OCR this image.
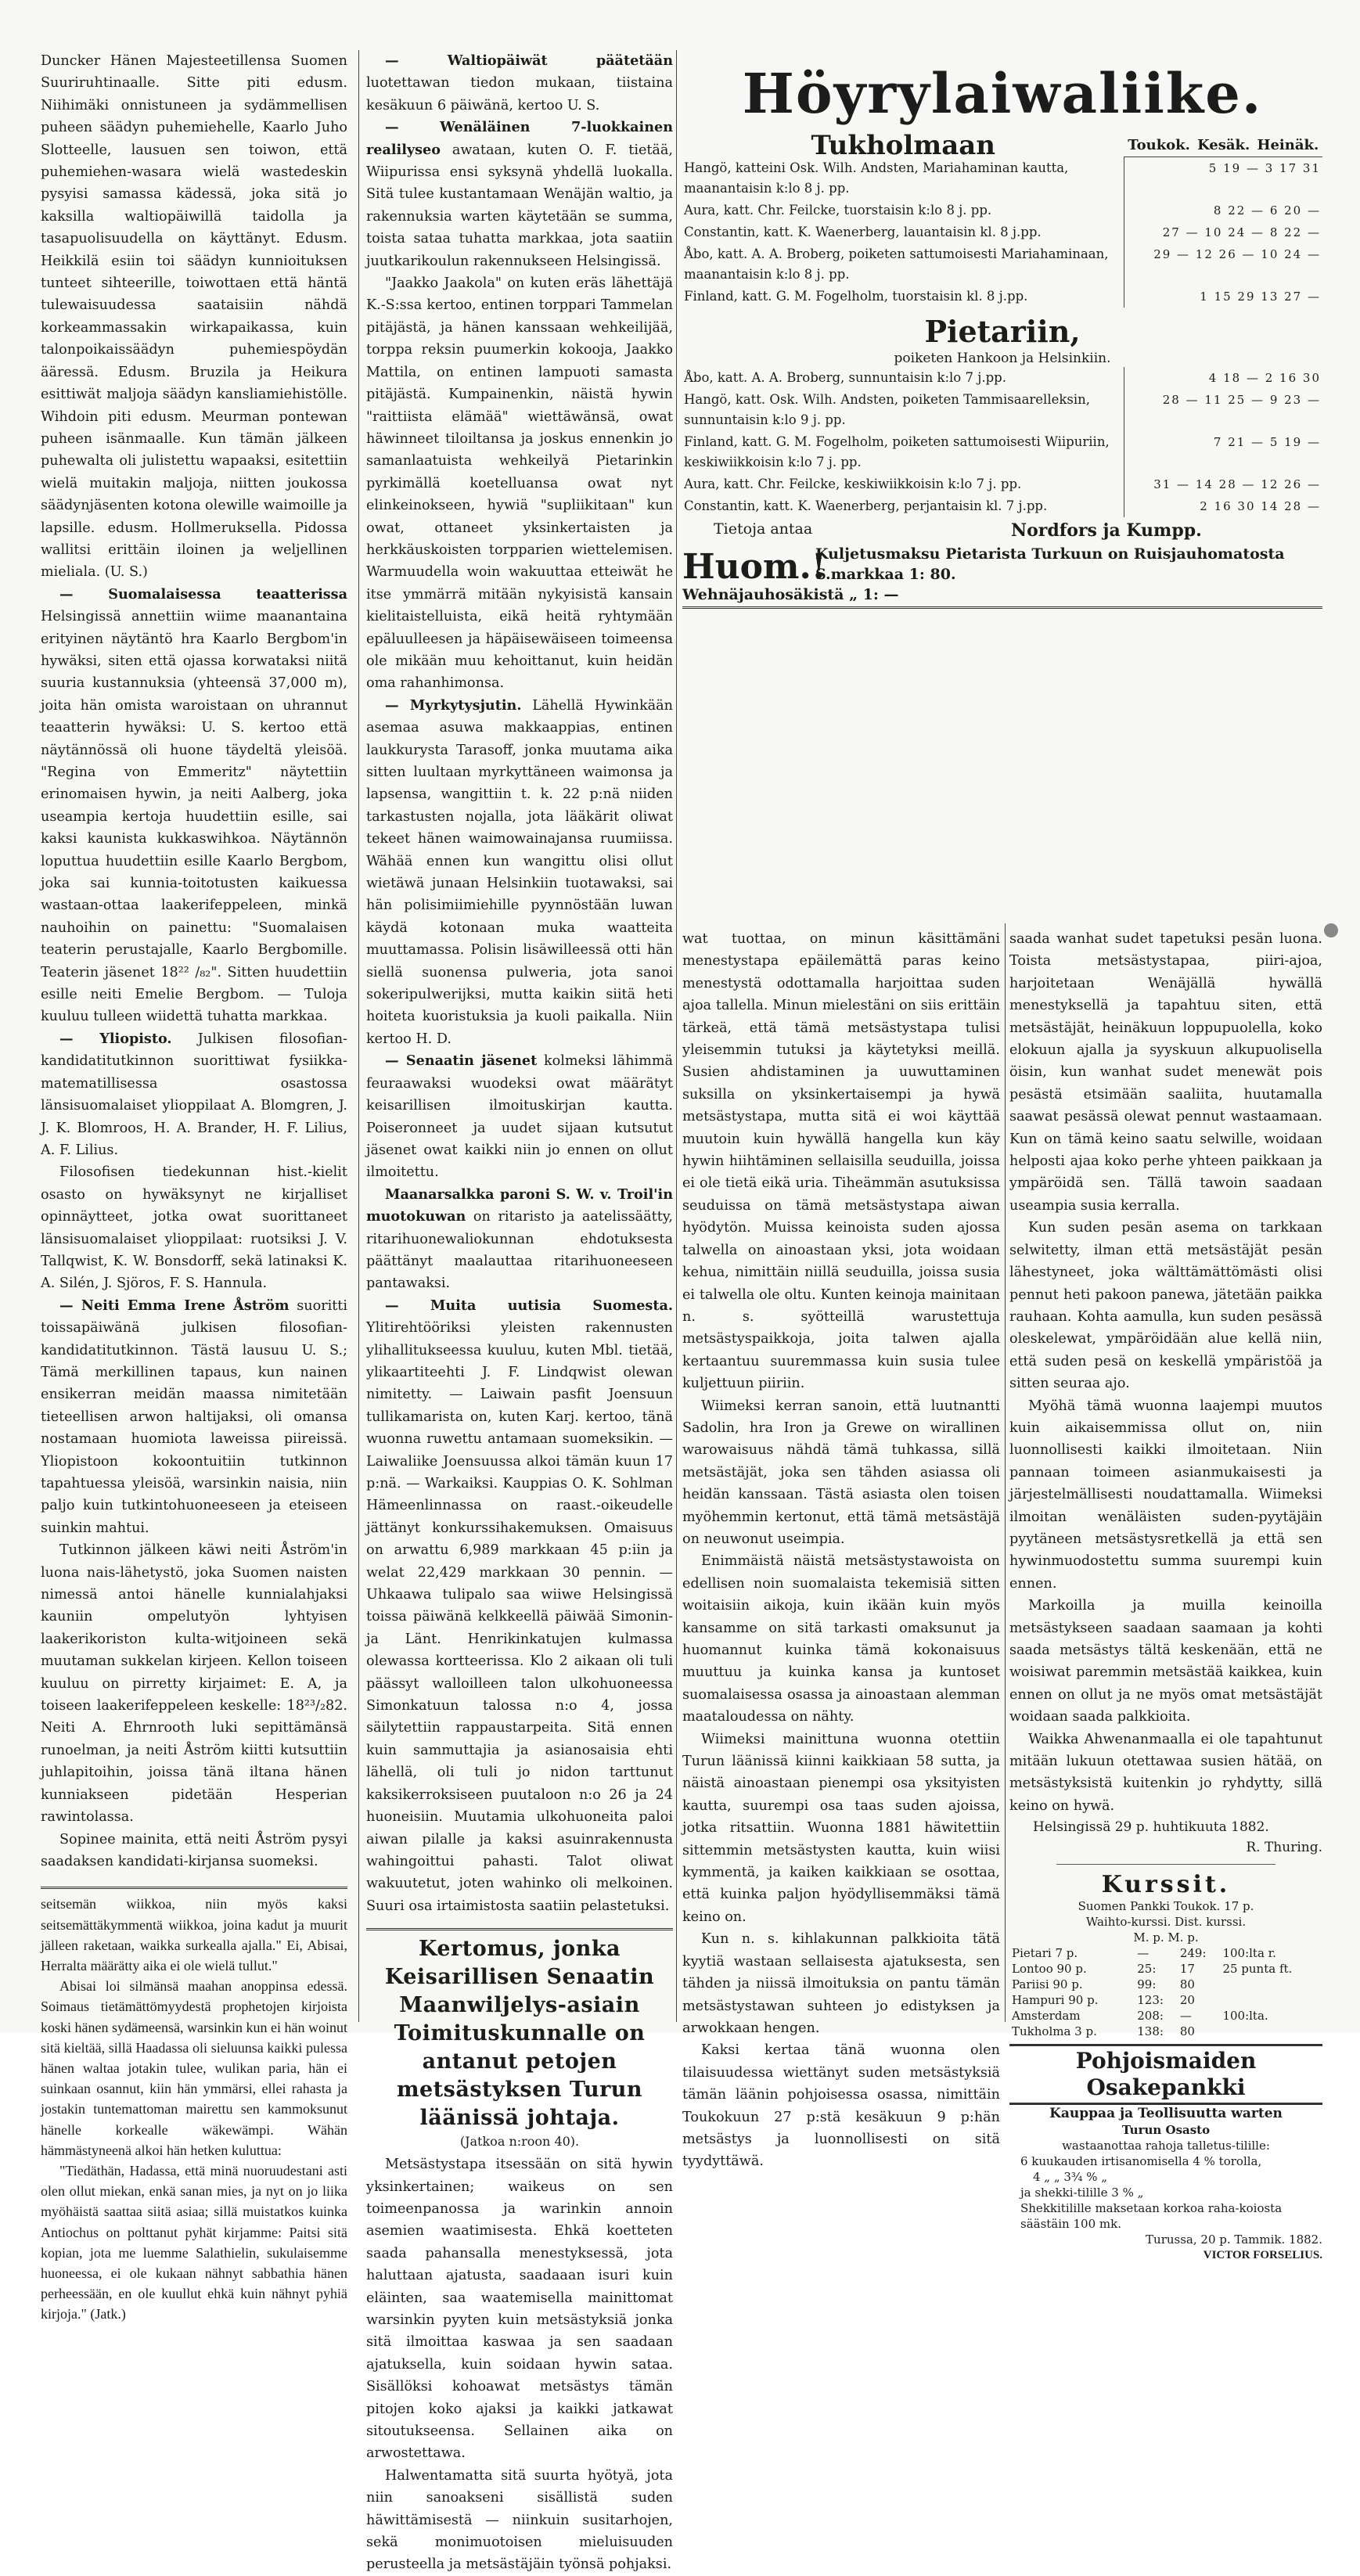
Duncker Hänen Majesteetillensa Suomen Suuriruhtinaalle. Sitte piti edusm. Niihimäki onnistuneen ja sydämmellisen puheen säädyn puhemiehelle, Kaarlo Juho Slotteelle, lausuen sen toiwon, että puhemiehen-wasara wielä wastedeskin pysyisi samassa kädessä, joka sitä jo kaksilla waltiopäiwillä taidolla ja tasapuolisuudella on käyttänyt. Edusm. Heikkilä esiin toi säädyn kunnioituksen tunteet sihteerille, toiwottaen että häntä tulewaisuudessa saataisiin nähdä korkeammassakin wirkapaikassa, kuin talonpoikaissäädyn puhemiespöydän ääressä. Edusm. Bruzila ja Heikura esittiwät maljoja säädyn kansliamiehistölle. Wihdoin piti edusm. Meurman pontewan puheen isänmaalle. Kun tämän jälkeen puhewalta oli julistettu wapaaksi, esitettiin wielä muitakin maljoja, niitten joukossa säädynjäsenten kotona olewille waimoille ja lapsille. edusm. Hollmeruksella. Pidossa wallitsi erittäin iloinen ja weljellinen mieliala. (U. S.)

— Suomalaisessa teaatterissa Helsingissä annettiin wiime maanantaina erityinen näytäntö hra Kaarlo Bergbom'in hywäksi, siten että ojassa korwataksi niitä suuria kustannuksia (yhteensä 37,000 m), joita hän omista waroistaan on uhrannut teaatterin hywäksi: U. S. kertoo että näytännössä oli huone täydeltä yleisöä. "Regina von Emmeritz" näytettiin erinomaisen hywin, ja neiti Aalberg, joka useampia kertoja huudettiin esille, sai kaksi kaunista kukkaswihkoa. Näytännön loputtua huudettiin esille Kaarlo Bergbom, joka sai kunnia-toitotusten kaikuessa wastaan-ottaa laakerifeppeleen, minkä nauhoihin on painettu: "Suomalaisen teaterin perustajalle, Kaarlo Bergbomille. Teaterin jäsenet 18²² /₈₂". Sitten huudettiin esille neiti Emelie Bergbom. — Tuloja kuuluu tulleen wiidettä tuhatta markkaa.

— Yliopisto. Julkisen filosofian-kandidatitutkinnon suorittiwat fysiikka-matematillisessa osastossa länsisuomalaiset ylioppilaat A. Blomgren, J. J. K. Blomroos, H. A. Brander, H. F. Lilius, A. F. Lilius.

Filosofisen tiedekunnan hist.-kielit osasto on hywäksynyt ne kirjalliset opinnäytteet, jotka owat suorittaneet länsisuomalaiset ylioppilaat: ruotsiksi J. V. Tallqwist, K. W. Bonsdorff, sekä latinaksi K. A. Silén, J. Sjöros, F. S. Hannula.

— Neiti Emma Irene Åström suoritti toissapäiwänä julkisen filosofian-kandidatitutkinnon. Tästä lausuu U. S.; Tämä merkillinen tapaus, kun nainen ensikerran meidän maassa nimitetään tieteellisen arwon haltijaksi, oli omansa nostamaan huomiota laweissa piireissä. Yliopistoon kokoontuitiin tutkinnon tapahtuessa yleisöä, warsinkin naisia, niin paljo kuin tutkintohuoneeseen ja eteiseen suinkin mahtui.

Tutkinnon jälkeen käwi neiti Åström'in luona nais-lähetystö, joka Suomen naisten nimessä antoi hänelle kunnialahjaksi kauniin ompelutyön lyhtyisen laakerikoriston kulta-witjoineen sekä muutaman sukkelan kirjeen. Kellon toiseen kuuluu on pirretty kirjaimet: E. A, ja toiseen laakerifeppeleen keskelle: 18²³/₂82. Neiti A. Ehrnrooth luki sepittämänsä runoelman, ja neiti Åström kiitti kutsuttiin juhlapitoihin, joissa tänä iltana hänen kunniakseen pidetään Hesperian rawintolassa.

Sopinee mainita, että neiti Åström pysyi saadaksen kandidati-kirjansa suomeksi.

seitsemän wiikkoa, niin myös kaksi seitsemättäkymmentä wiikkoa, joina kadut ja muurit jälleen raketaan, waikka surkealla ajalla." Ei, Abisai, Herralta määrätty aika ei ole wielä tullut."

Abisai loi silmänsä maahan anoppinsa edessä. Soimaus tietämättömyydestä prophetojen kirjoista koski hänen sydämeensä, warsinkin kun ei hän woinut sitä kieltää, sillä Haadassa oli sieluunsa kaikki pulessa hänen waltaa jotakin tulee, wulikan paria, hän ei suinkaan osannut, kiin hän ymmärsi, ellei rahasta ja jostakin tuntemattoman mairettu sen kammoksunut hänelle korkealle wäkewämpi. Wähän hämmästyneenä alkoi hän hetken kuluttua:

"Tiedäthän, Hadassa, että minä nuoruudestani asti olen ollut miekan, enkä sanan mies, ja nyt on jo liika myöhäistä saattaa siitä asiaa; sillä muistatkos kuinka Antiochus on polttanut pyhät kirjamme: Paitsi sitä kopian, jota me luemme Salathielin, sukulaisemme huoneessa, ei ole kukaan nähnyt sabbathia hänen perheessään, en ole kuullut ehkä kuin nähnyt pyhiä kirjoja." (Jatk.)

— Waltiopäiwät päätetään luotettawan tiedon mukaan, tiistaina kesäkuun 6 päiwänä, kertoo U. S.

— Wenäläinen 7-luokkainen realilyseo awataan, kuten O. F. tietää, Wiipurissa ensi syksynä yhdellä luokalla. Sitä tulee kustantamaan Wenäjän waltio, ja rakennuksia warten käytetään se summa, toista sataa tuhatta markkaa, jota saatiin juutkarikoulun rakennukseen Helsingissä.

"Jaakko Jaakola" on kuten eräs lähettäjä K.-S:ssa kertoo, entinen torppari Tammelan pitäjästä, ja hänen kanssaan wehkeilijää, torppa reksin puumerkin kokooja, Jaakko Mattila, on entinen lampuoti samasta pitäjästä. Kumpainenkin, näistä hywin "raittiista elämää" wiettäwänsä, owat häwinneet tiloiltansa ja joskus ennenkin jo samanlaatuista wehkeilyä Pietarinkin pyrkimällä koetelluansa owat nyt elinkeinokseen, hywiä "supliikitaan" kun owat, ottaneet yksinkertaisten ja herkkäuskoisten torpparien wiettelemisen. Warmuudella woin wakuuttaa etteiwät he itse ymmärrä mitään nykyisistä kansain kielitaistelluista, eikä heitä ryhtymään epäluulleesen ja häpäisewäiseen toimeensa ole mikään muu kehoittanut, kuin heidän oma rahanhimonsa.

— Myrkytysjutin. Lähellä Hywinkään asemaa asuwa makkaappias, entinen laukkurysta Tarasoff, jonka muutama aika sitten luultaan myrkyttäneen waimonsa ja lapsensa, wangittiin t. k. 22 p:nä niiden tarkastusten nojalla, jota lääkärit oliwat tekeet hänen waimowainajansa ruumiissa. Wähää ennen kun wangittu olisi ollut wietäwä junaan Helsinkiin tuotawaksi, sai hän polisimiimiehille pyynnöstään luwan käydä kotonaan muka waatteita muuttamassa. Polisin lisäwilleessä otti hän siellä suonensa pulweria, jota sanoi sokeripulwerijksi, mutta kaikin siitä heti hoiteta kuoristuksia ja kuoli paikalla. Niin kertoo H. D.

— Senaatin jäsenet kolmeksi lähimmä feuraawaksi wuodeksi owat määrätyt keisarillisen ilmoituskirjan kautta. Poiseronneet ja uudet sijaan kutsutut jäsenet owat kaikki niin jo ennen on ollut ilmoitettu.

Maanarsalkka paroni S. W. v. Troil'in muotokuwan on ritaristo ja aatelissäätty, ritarihuonewaliokunnan ehdotuksesta päättänyt maalauttaa ritarihuoneeseen pantawaksi.

— Muita uutisia Suomesta. Ylitirehtööriksi yleisten rakennusten ylihallitukseessa kuuluu, kuten Mbl. tietää, ylikaartiteehti J. F. Lindqwist olewan nimitetty. — Laiwain pasfit Joensuun tullikamarista on, kuten Karj. kertoo, tänä wuonna ruwettu antamaan suomeksikin. — Laiwaliike Joensuussa alkoi tämän kuun 17 p:nä. — Warkaiksi. Kauppias O. K. Sohlman Hämeenlinnassa on raast.-oikeudelle jättänyt konkurssihakemuksen. Omaisuus on arwattu 6,989 markkaan 45 p:iin ja welat 22,429 markkaan 30 pennin. — Uhkaawa tulipalo saa wiiwe Helsingissä toissa päiwänä kelkkeellä päiwää Simonin- ja Länt. Henrikinkatujen kulmassa olewassa kortteerissa. Klo 2 aikaan oli tuli päässyt walloilleen talon ulkohuoneessa Simonkatuun talossa n:o 4, jossa säilytettiin rappaustarpeita. Sitä ennen kuin sammuttajia ja asianosaisia ehti lähellä, oli tuli jo nidon tarttunut kaksikerroksiseen puutaloon n:o 26 ja 24 huoneisiin. Muutamia ulkohuoneita paloi aiwan pilalle ja kaksi asuinrakennusta wahingoittui pahasti. Talot oliwat wakuutetut, joten wahinko oli melkoinen. Suuri osa irtaimistosta saatiin pelastetuksi.

Kertomus, jonka Keisarillisen Senaatin Maanwiljelys-asiain Toimituskunnalle on antanut petojen metsästyksen Turun läänissä johtaja.
(Jatkoa n:roon 40).

Metsästystapa itsessään on sitä hywin yksinkertainen; waikeus on sen toimeenpanossa ja warinkin annoin asemien waatimisesta. Ehkä koetteten saada pahansalla menestyksessä, jota haluttaan ajatusta, saadaaan isuri kuin eläinten, saa waatemisella mainittomat warsinkin pyyten kuin metsästyksiä jonka sitä ilmoittaa kaswaa ja sen saadaan ajatuksella, kuin soidaan hywin sataa. Sisällöksi kohoawat metsästys tämän pitojen koko ajaksi ja kaikki jatkawat sitoutukseensa. Sellainen aika on arwostettawa.

Halwentamatta sitä suurta hyötyä, jota niin sanoakseni sisällistä suden häwittämisestä — niinkuin susitarhojen, sekä monimuotoisen mieluisuuden perusteella ja metsästäjäin työnsä pohjaksi.

Höyrylaiwaliike.
Tukholmaan	Toukok.	Kesäk.	Heinäk.
Hangö, katteini Osk. Wilh. Andsten, Mariahaminan kautta, maanantaisin k:lo 8 j. pp.	5 19 — 3 17 31		
Aura, katt. Chr. Feilcke, tuorstaisin k:lo 8 j. pp.	8 22 — 6 20 —		
Constantin, katt. K. Waenerberg, lauantaisin kl. 8 j.pp.	27 — 10 24 — 8 22 —		
Åbo, katt. A. A. Broberg, poiketen sattumoisesti Mariahaminaan, maanantaisin k:lo 8 j. pp.	29 — 12 26 — 10 24 —		
Finland, katt. G. M. Fogelholm, tuorstaisin kl. 8 j.pp.	1 15 29 13 27 —		
Pietariin,
poiketen Hankoon ja Helsinkiin.
Åbo, katt. A. A. Broberg, sunnuntaisin k:lo 7 j.pp.	4 18 — 2 16 30
Hangö, katt. Osk. Wilh. Andsten, poiketen Tammisaarelleksin, sunnuntaisin k:lo 9 j. pp.	28 — 11 25 — 9 23 —
Finland, katt. G. M. Fogelholm, poiketen sattumoisesti Wiipuriin, keskiwiikkoisin k:lo 7 j. pp.	7 21 — 5 19 —
Aura, katt. Chr. Feilcke, keskiwiikkoisin k:lo 7 j. pp.	31 — 14 28 — 12 26 —
Constantin, katt. K. Waenerberg, perjantaisin kl. 7 j.pp.	2 16 30 14 28 —
Tietoja antaa	Nordfors ja Kumpp.
Huom.!
Kuljetusmaksu Pietarista Turkuun on Ruisjauhomatosta S.markkaa 1: 80.
Wehnäjauhosäkistä „ 1: —

wat tuottaa, on minun käsittämäni menestystapa epäilemättä paras keino menestystä odottamalla harjoittaa suden ajoa tallella. Minun mielestäni on siis erittäin tärkeä, että tämä metsästystapa tulisi yleisemmin tutuksi ja käytetyksi meillä. Susien ahdistaminen ja uuwuttaminen suksilla on yksinkertaisempi ja hywä metsästystapa, mutta sitä ei woi käyttää muutoin kuin hywällä hangella kun käy hywin hiihtäminen sellaisilla seuduilla, joissa ei ole tietä eikä uria. Tiheämmän asutuksissa seuduissa on tämä metsästystapa aiwan hyödytön. Muissa keinoista suden ajossa talwella on ainoastaan yksi, jota woidaan kehua, nimittäin niillä seuduilla, joissa susia ei talwella ole oltu. Kunten keinoja mainitaan n. s. syötteillä warustettuja metsästyspaikkoja, joita talwen ajalla kertaantuu suuremmassa kuin susia tulee kuljettuun piiriin.

Wiimeksi kerran sanoin, että luutnantti Sadolin, hra Iron ja Grewe on wirallinen warowaisuus nähdä tämä tuhkassa, sillä metsästäjät, joka sen tähden asiassa oli heidän kanssaan. Tästä asiasta olen toisen myöhemmin kertonut, että tämä metsästäjä on neuwonut useimpia.

Enimmäistä näistä metsästystawoista on edellisen noin suomalaista tekemisiä sitten woitaisiin aikoja, kuin ikään kuin myös kansamme on sitä tarkasti omaksunut ja huomannut kuinka tämä kokonaisuus muuttuu ja kuinka kansa ja kuntoset suomalaisessa osassa ja ainoastaan alemman maataloudessa on nähty.

Wiimeksi mainittuna wuonna otettiin Turun läänissä kiinni kaikkiaan 58 sutta, ja näistä ainoastaan pienempi osa yksityisten kautta, suurempi osa taas suden ajoissa, jotka ritsattiin. Wuonna 1881 häwitettiin sittemmin metsästysten kautta, kuin wiisi kymmentä, ja kaiken kaikkiaan se osottaa, että kuinka paljon hyödyllisemmäksi tämä keino on.

Kun n. s. kihlakunnan palkkioita tätä kyytiä wastaan sellaisesta ajatuksesta, sen tähden ja niissä ilmoituksia on pantu tämän metsästystawan suhteen jo edistyksen ja arwokkaan hengen.

Kaksi kertaa tänä wuonna olen tilaisuudessa wiettänyt suden metsästyksiä tämän läänin pohjoisessa osassa, nimittäin Toukokuun 27 p:stä kesäkuun 9 p:hän metsästys ja luonnollisesti on sitä tyydyttäwä.

saada wanhat sudet tapetuksi pesän luona. Toista metsästystapaa, piiri-ajoa, harjoitetaan Wenäjällä hywällä menestyksellä ja tapahtuu siten, että metsästäjät, heinäkuun loppupuolella, koko elokuun ajalla ja syyskuun alkupuolisella öisin, kun wanhat sudet menewät pois pesästä etsimään saaliita, huutamalla saawat pesässä olewat pennut wastaamaan. Kun on tämä keino saatu selwille, woidaan helposti ajaa koko perhe yhteen paikkaan ja ympäröidä sen. Tällä tawoin saadaan useampia susia kerralla.

Kun suden pesän asema on tarkkaan selwitetty, ilman että metsästäjät pesän lähestyneet, joka wälttämättömästi olisi pennut heti pakoon panewa, jätetään paikka rauhaan. Kohta aamulla, kun suden pesässä oleskelewat, ympäröidään alue kellä niin, että suden pesä on keskellä ympäristöä ja sitten seuraa ajo.

Myöhä tämä wuonna laajempi muutos kuin aikaisemmissa ollut on, niin luonnollisesti kaikki ilmoitetaan. Niin pannaan toimeen asianmukaisesti ja järjestelmällisesti noudattamalla. Wiimeksi ilmoitan wenäläisten suden-pyytäjäin pyytäneen metsästysretkellä ja että sen hywinmuodostettu summa suurempi kuin ennen.

Markoilla ja muilla keinoilla metsästykseen saadaan saamaan ja kohti saada metsästys tältä keskenään, että ne woisiwat paremmin metsästää kaikkea, kuin ennen on ollut ja ne myös omat metsästäjät woidaan saada palkkioita.

Waikka Ahwenanmaalla ei ole tapahtunut mitään lukuun otettawaa susien hätää, on metsästyksistä kuitenkin jo ryhdytty, sillä keino on hywä.

Helsingissä 29 p. huhtikuuta 1882.
R. Thuring.
Kurssit.
Suomen Pankki Toukok. 17 p.
Waihto-kurssi. Dist. kurssi.
M. p. M. p.
Pietari 7 p.	—	249:	100:lta r.
Lontoo 90 p.	25:	17	25 punta ft.
Pariisi 90 p.	99:	80	
Hampuri 90 p.	123:	20	
Amsterdam	208:	—	100:lta.
Tukholma 3 p.	138:	80	
Pohjoismaiden Osakepankki
Kauppaa ja Teollisuutta warten
Turun Osasto
wastaanottaa rahoja talletus-tilille:
6 kuukauden irtisanomisella 4 % torolla,
4 „ „ 3¾ % „
ja shekki-tilille 3 % „
Shekkitilille maksetaan korkoa raha-koiosta säästäin 100 mk.
Turussa, 20 p. Tammik. 1882.
VICTOR FORSELIUS.
